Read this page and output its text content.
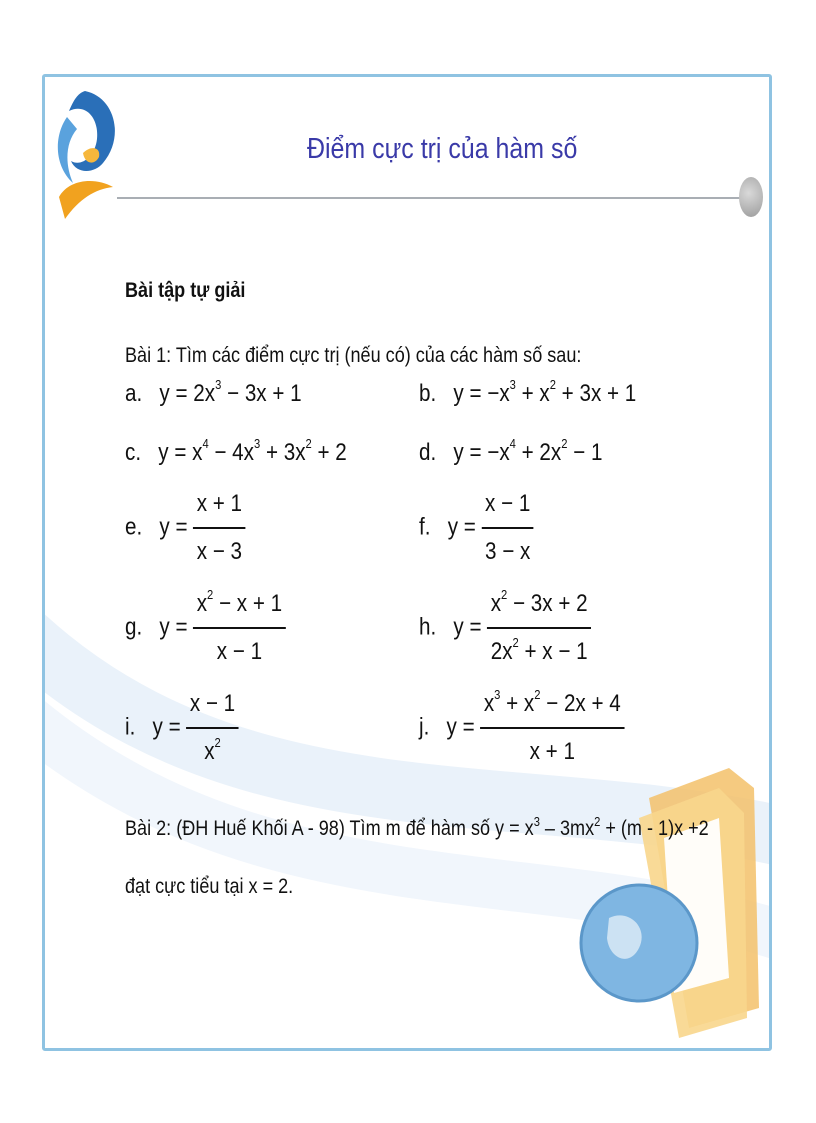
Điểm cực trị của hàm số
Bài tập tự giải
Bài 1: Tìm các điểm cực trị (nếu có) của các hàm số sau:
a. $y = 2x^3 - 3x + 1$	b. $y = -x^3 + x^2 + 3x + 1$
c. $y = x^4 - 4x^3 + 3x^2 + 2$	d. $y = -x^4 + 2x^2 - 1$
e. $y = \frac{x + 1}{x - 3}$	f. $y = \frac{x - 1}{3 - x}$
g. $y = \frac{x^2 - x + 1}{x - 1}$	h. $y = \frac{x^2 - 3x + 2}{2x^2 + x - 1}$
i. $y = \frac{x - 1}{x^2}$	j. $y = \frac{x^3 + x^2 - 2x + 4}{x + 1}$
Bài 2: (ĐH Huế Khối A - 98) Tìm m để hàm số $y = x^3 - 3mx^2 + (m - 1)x +2$
đạt cực tiểu tại x = 2.
